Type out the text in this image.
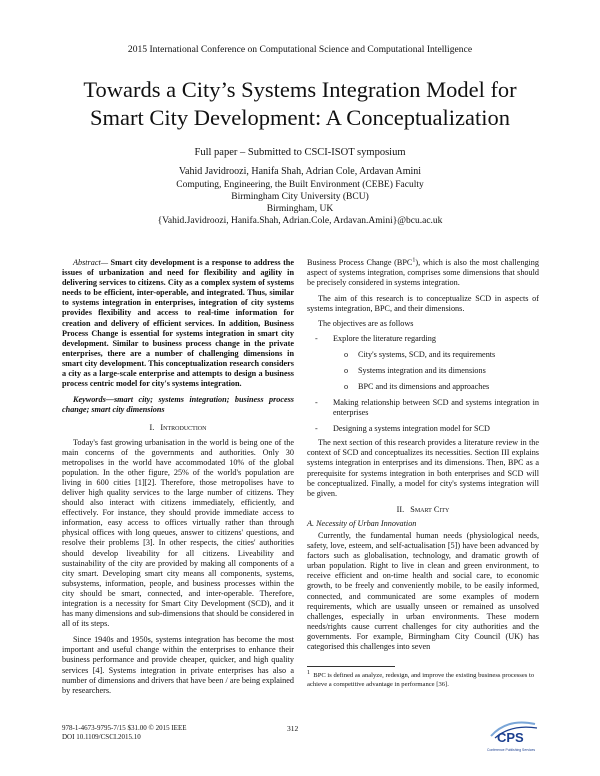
2015 International Conference on Computational Science and Computational Intelligence
Towards a City’s Systems Integration Model for
Smart City Development: A Conceptualization
Full paper – Submitted to CSCI-ISOT symposium
Vahid Javidroozi, Hanifa Shah, Adrian Cole, Ardavan Amini
Computing, Engineering, the Built Environment (CEBE) Faculty
Birmingham City University (BCU)
Birmingham, UK
{Vahid.Javidroozi, Hanifa.Shah, Adrian.Cole, Ardavan.Amini}@bcu.ac.uk

Abstract— Smart city development is a response to address the issues of urbanization and need for flexibility and agility in delivering services to citizens. City as a complex system of systems needs to be efficient, inter-operable, and integrated. Thus, similar to systems integration in enterprises, integration of city systems provides flexibility and access to real-time information for creation and delivery of efficient services. In addition, Business Process Change is essential for systems integration in smart city development. Similar to business process change in the private enterprises, there are a number of challenging dimensions in smart city development. This conceptualization research considers a city as a large-scale enterprise and attempts to design a business process centric model for city's systems integration.

Keywords—smart city; systems integration; business process change; smart city dimensions

I. Introduction

Today's fast growing urbanisation in the world is being one of the main concerns of the governments and authorities. Only 30 metropolises in the world have accommodated 10% of the global population. In the other figure, 25% of the world's population are living in 600 cities [1][2]. Therefore, those metropolises have to deliver high quality services to the large number of citizens. They should also interact with citizens immediately, efficiently, and effectively. For instance, they should provide immediate access to information, easy access to offices virtually rather than through physical offices with long queues, answer to citizens' questions, and resolve their problems [3]. In other respects, the cities' authorities should develop liveability for all citizens. Liveability and sustainability of the city are provided by making all components of a city smart. Developing smart city means all components, systems, subsystems, information, people, and business processes within the city should be smart, connected, and inter-operable. Therefore, integration is a necessity for Smart City Development (SCD), and it has many dimensions and sub-dimensions that should be considered in all of its steps.

Since 1940s and 1950s, systems integration has become the most important and useful change within the enterprises to enhance their business performance and provide cheaper, quicker, and high quality services [4]. Systems integration in private enterprises has also a number of dimensions and drivers that have been / are being explained by researchers.

Business Process Change (BPC$^1$), which is also the most challenging aspect of systems integration, comprises some dimensions that should be precisely considered in systems integration.

The aim of this research is to conceptualize SCD in aspects of systems integration, BPC, and their dimensions.

The objectives are as follows

- Explore the literature regarding
o City's systems, SCD, and its requirements
o Systems integration and its dimensions
o BPC and its dimensions and approaches
- Making relationship between SCD and systems integration in enterprises
- Designing a systems integration model for SCD

The next section of this research provides a literature review in the context of SCD and conceptualizes its necessities. Section III explains systems integration in enterprises and its dimensions. Then, BPC as a prerequisite for systems integration in both enterprises and SCD will be conceptualized. Finally, a model for city's systems integration will be given.

II. Smart City
A. Necessity of Urban Innovation

Currently, the fundamental human needs (physiological needs, safety, love, esteem, and self-actualisation [5]) have been advanced by factors such as globalisation, technology, and dramatic growth of urban population. Right to live in clean and green environment, to receive efficient and on-time health and social care, to economic growth, to be freely and conveniently mobile, to be easily informed, connected, and communicated are some examples of modern requirements, which are usually unseen or remained as unsolved challenges, especially in urban environments. These modern needs/rights cause current challenges for city authorities and the governments. For example, Birmingham City Council (UK) has categorised this challenges into seven

$^1$ BPC is defined as analyze, redesign, and improve the existing business processes to achieve a competitive advantage in performance [36].
978-1-4673-9795-7/15 $31.00 © 2015 IEEE
DOI 10.1109/CSCI.2015.10
312
CPS
Conference Publishing Services
